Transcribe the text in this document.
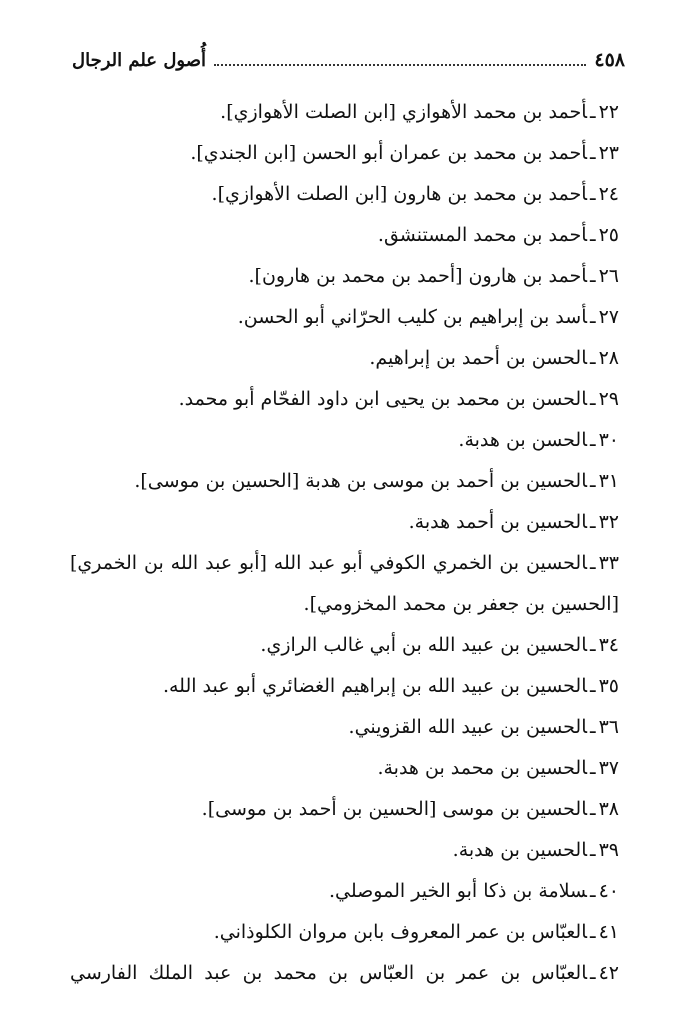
٤٥٨
أُصول علم الرجال
٢٢ـأحمد بن محمد الأهوازي [ابن الصلت الأهوازي].
٢٣ـأحمد بن محمد بن عمران أبو الحسن [ابن الجندي].
٢٤ـأحمد بن محمد بن هارون [ابن الصلت الأهوازي].
٢٥ـأحمد بن محمد المستنشق.
٢٦ـأحمد بن هارون [أحمد بن محمد بن هارون].
٢٧ـأسد بن إبراهيم بن كليب الحرّاني أبو الحسن.
٢٨ـالحسن بن أحمد بن إبراهيم.
٢٩ـالحسن بن محمد بن يحيى ابن داود الفحّام أبو محمد.
٣٠ـالحسن بن هدبة.
٣١ـالحسين بن أحمد بن موسى بن هدبة [الحسين بن موسى].
٣٢ـالحسين بن أحمد هدبة.
٣٣ـالحسين بن الخمري الكوفي أبو عبد الله [أبو عبد الله بن الخمري]
[الحسين بن جعفر بن محمد المخزومي].
٣٤ـالحسين بن عبيد الله بن أبي غالب الرازي.
٣٥ـالحسين بن عبيد الله بن إبراهيم الغضائري أبو عبد الله.
٣٦ـالحسين بن عبيد الله القزويني.
٣٧ـالحسين بن محمد بن هدبة.
٣٨ـالحسين بن موسى [الحسين بن أحمد بن موسى].
٣٩ـالحسين بن هدبة.
٤٠ـسلامة بن ذكا أبو الخير الموصلي.
٤١ـالعبّاس بن عمر المعروف بابن مروان الكلوذاني.
٤٢ـالعبّاس بن عمر بن العبّاس بن محمد بن عبد الملك الفارسي
